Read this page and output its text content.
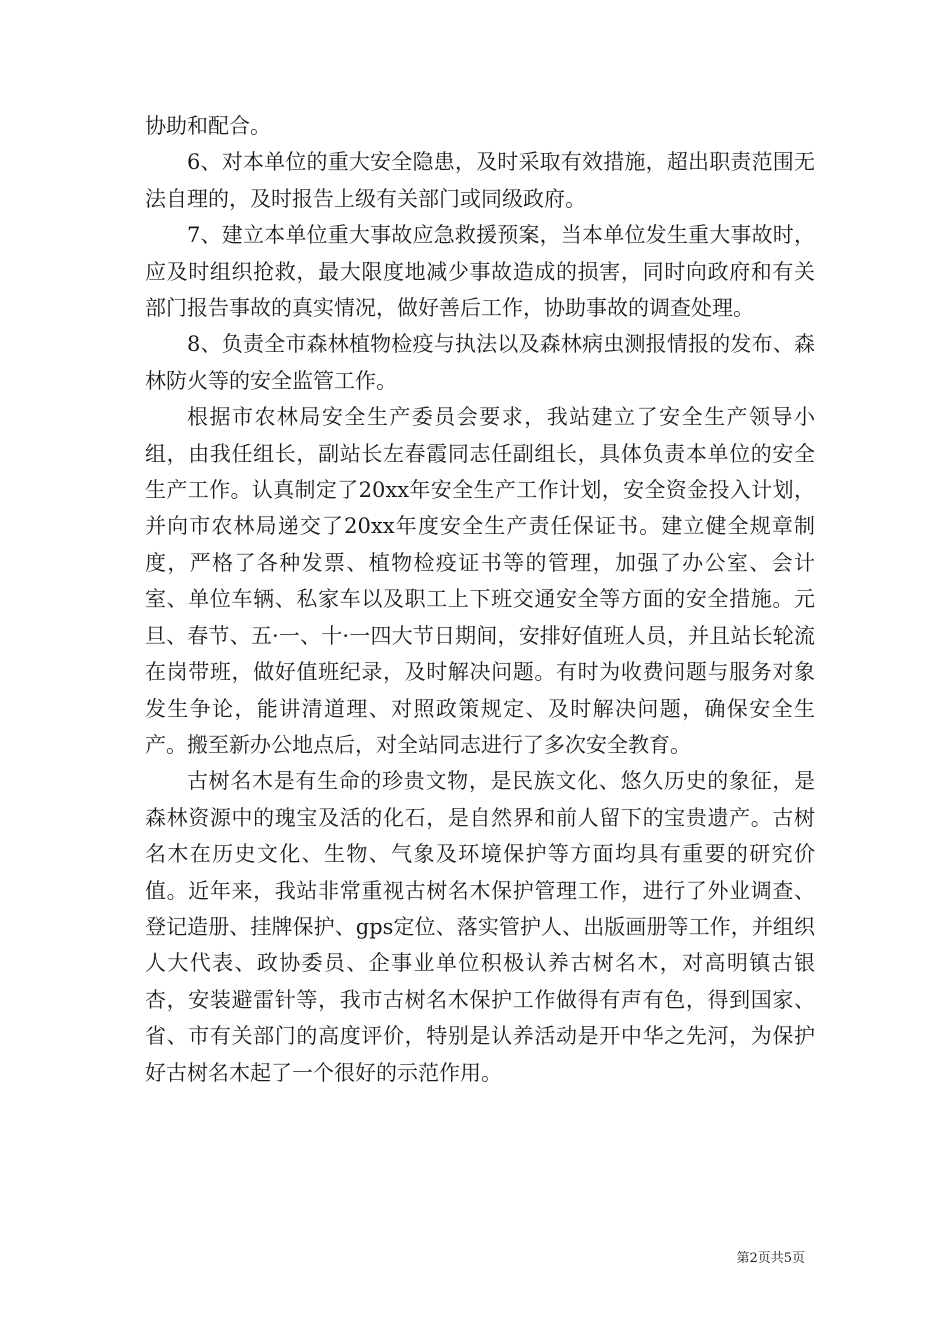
协助和配合。

6、对本单位的重大安全隐患，及时采取有效措施，超出职责范围无法自理的，及时报告上级有关部门或同级政府。

7、建立本单位重大事故应急救援预案，当本单位发生重大事故时，应及时组织抢救，最大限度地减少事故造成的损害，同时向政府和有关部门报告事故的真实情况，做好善后工作，协助事故的调查处理。

8、负责全市森林植物检疫与执法以及森林病虫测报情报的发布、森林防火等的安全监管工作。

根据市农林局安全生产委员会要求，我站建立了安全生产领导小组，由我任组长，副站长左春霞同志任副组长，具体负责本单位的安全生产工作。认真制定了20xx年安全生产工作计划，安全资金投入计划，并向市农林局递交了20xx年度安全生产责任保证书。建立健全规章制度，严格了各种发票、植物检疫证书等的管理，加强了办公室、会计室、单位车辆、私家车以及职工上下班交通安全等方面的安全措施。元旦、春节、五·一、十·一四大节日期间，安排好值班人员，并且站长轮流在岗带班，做好值班纪录，及时解决问题。有时为收费问题与服务对象发生争论，能讲清道理、对照政策规定、及时解决问题，确保安全生产。搬至新办公地点后，对全站同志进行了多次安全教育。

古树名木是有生命的珍贵文物，是民族文化、悠久历史的象征，是森林资源中的瑰宝及活的化石，是自然界和前人留下的宝贵遗产。古树名木在历史文化、生物、气象及环境保护等方面均具有重要的研究价值。近年来，我站非常重视古树名木保护管理工作，进行了外业调查、登记造册、挂牌保护、gps定位、落实管护人、出版画册等工作，并组织人大代表、政协委员、企事业单位积极认养古树名木，对高明镇古银杏，安装避雷针等，我市古树名木保护工作做得有声有色，得到国家、省、市有关部门的高度评价，特别是认养活动是开中华之先河，为保护好古树名木起了一个很好的示范作用。

第2页共5页
